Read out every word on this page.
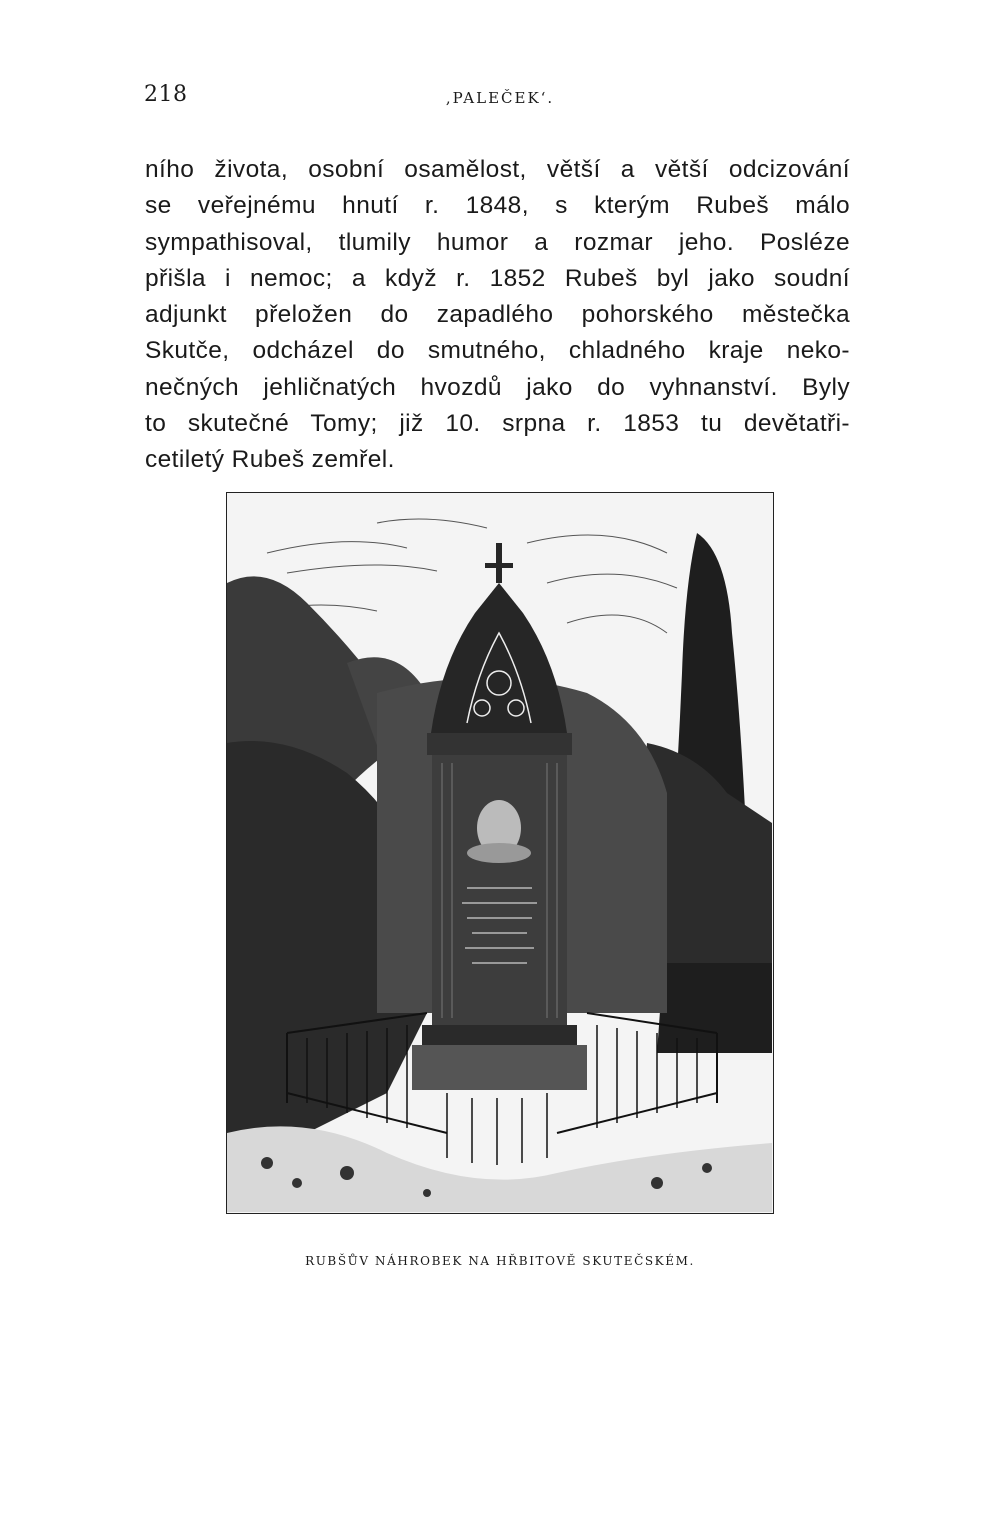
218	‚PALEČEK‘.
ního života, osobní osamělost, větší a větší odcizování
se veřejnému hnutí r. 1848, s kterým Rubeš málo
sympathisoval, tlumily humor a rozmar jeho. Posléze
přišla i nemoc; a když r. 1852 Rubeš byl jako soudní
adjunkt přeložen do zapadlého pohorského městečka
Skutče, odcházel do smutného, chladného kraje neko-
nečných jehličnatých hvozdů jako do vyhnanství. Byly
to skutečné Tomy; již 10. srpna r. 1853 tu devětatři-
cetiletý Rubeš zemřel.
RUBŠŮV NÁHROBEK NA HŘBITOVĚ SKUTEČSKÉM.
